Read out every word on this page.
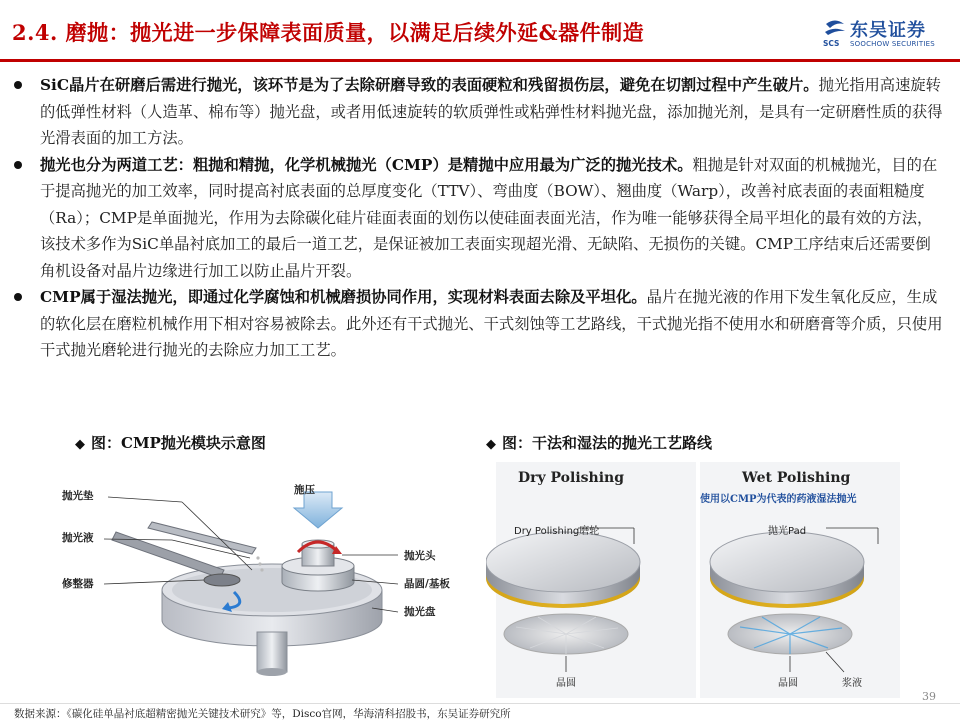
2.4. 磨抛：抛光进一步保障表面质量，以满足后续外延&器件制造	SCS
东吴证券
SOOCHOW SECURITIES
SiC晶片在研磨后需进行抛光，该环节是为了去除研磨导致的表面硬粒和残留损伤层，避免在切割过程中产生破片。抛光指用高速旋转的低弹性材料（人造革、棉布等）抛光盘，或者用低速旋转的软质弹性或粘弹性材料抛光盘，添加抛光剂，是具有一定研磨性质的获得光滑表面的加工方法。
抛光也分为两道工艺：粗抛和精抛，化学机械抛光（CMP）是精抛中应用最为广泛的抛光技术。粗抛是针对双面的机械抛光，目的在于提高抛光的加工效率，同时提高衬底表面的总厚度变化（TTV）、弯曲度（BOW）、翘曲度（Warp），改善衬底表面的表面粗糙度（Ra）；CMP是单面抛光，作用为去除碳化硅片硅面表面的划伤以使硅面表面光洁，作为唯一能够获得全局平坦化的最有效的方法， 该技术多作为SiC单晶衬底加工的最后一道工艺，是保证被加工表面实现超光滑、无缺陷、无损伤的关键。CMP工序结束后还需要倒角机设备对晶片边缘进行加工以防止晶片开裂。
CMP属于湿法抛光，即通过化学腐蚀和机械磨损协同作用，实现材料表面去除及平坦化。晶片在抛光液的作用下发生氧化反应，生成的软化层在磨粒机械作用下相对容易被除去。此外还有干式抛光、干式刻蚀等工艺路线，干式抛光指不使用水和研磨膏等介质，只使用干式抛光磨轮进行抛光的去除应力加工工艺。
◆ 图：CMP抛光模块示意图	◆ 图：干法和湿法的抛光工艺路线
抛光垫
抛光液
修整器
施压
抛光头
晶圆/基板
抛光盘
Dry Polishing	Wet Polishing
使用以CMP为代表的药液湿法抛光
Dry Polishing磨轮	抛光Pad
晶圆	晶圆	浆液
39
数据来源：《碳化硅单晶衬底超精密抛光关键技术研究》等，Disco官网，华海清科招股书，东吴证券研究所
